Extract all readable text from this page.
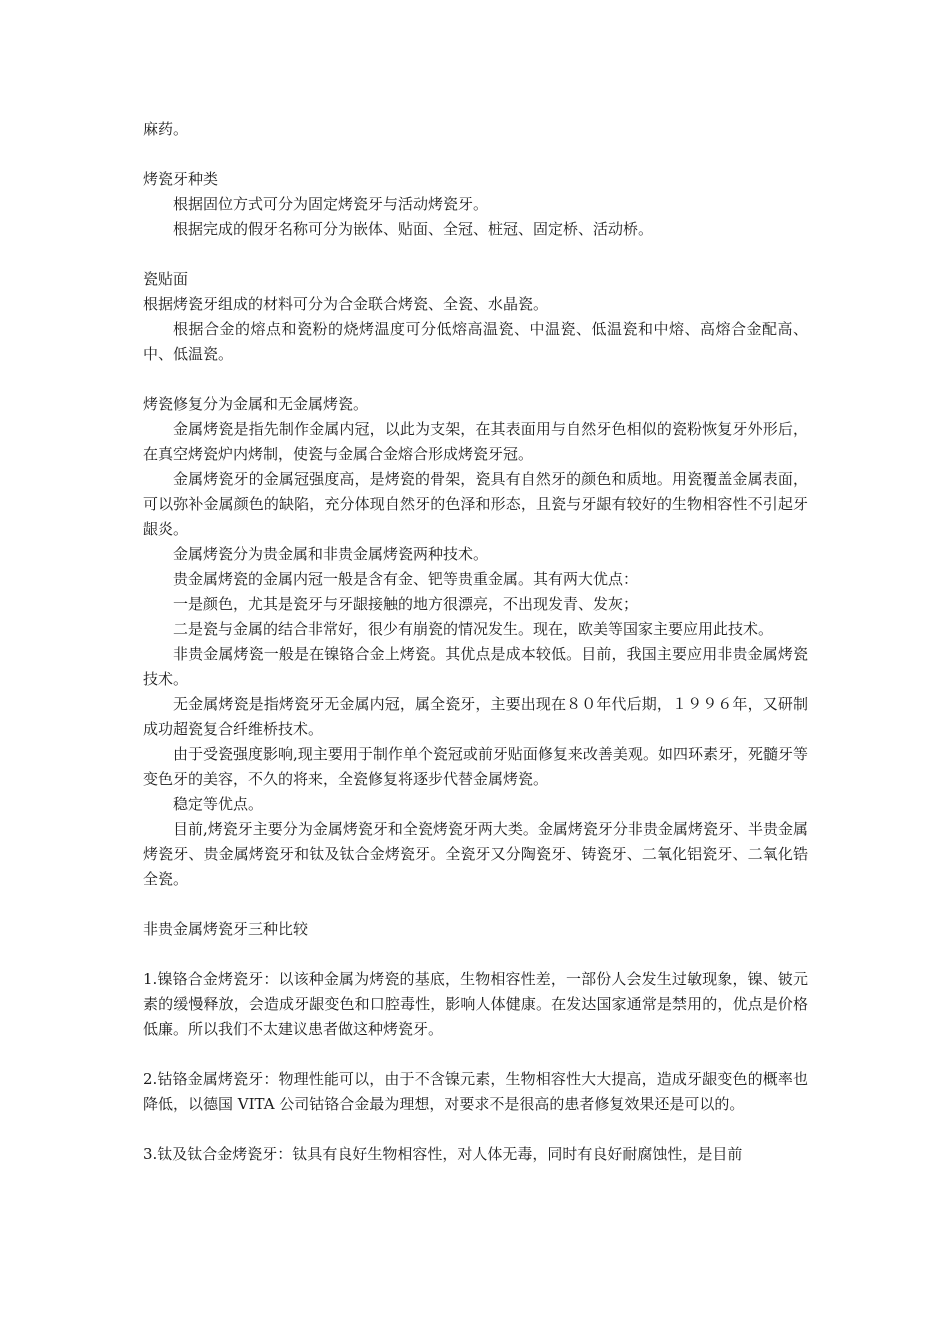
麻药。

烤瓷牙种类

根据固位方式可分为固定烤瓷牙与活动烤瓷牙。

根据完成的假牙名称可分为嵌体、贴面、全冠、桩冠、固定桥、活动桥。

瓷贴面

根据烤瓷牙组成的材料可分为合金联合烤瓷、全瓷、水晶瓷。

根据合金的熔点和瓷粉的烧烤温度可分低熔高温瓷、中温瓷、低温瓷和中熔、高熔合金配高、中、低温瓷。

烤瓷修复分为金属和无金属烤瓷。

金属烤瓷是指先制作金属内冠，以此为支架，在其表面用与自然牙色相似的瓷粉恢复牙外形后，在真空烤瓷炉内烤制，使瓷与金属合金熔合形成烤瓷牙冠。

金属烤瓷牙的金属冠强度高，是烤瓷的骨架，瓷具有自然牙的颜色和质地。用瓷覆盖金属表面，可以弥补金属颜色的缺陷，充分体现自然牙的色泽和形态，且瓷与牙龈有较好的生物相容性不引起牙龈炎。

金属烤瓷分为贵金属和非贵金属烤瓷两种技术。

贵金属烤瓷的金属内冠一般是含有金、钯等贵重金属。其有两大优点：

一是颜色，尤其是瓷牙与牙龈接触的地方很漂亮，不出现发青、发灰；

二是瓷与金属的结合非常好，很少有崩瓷的情况发生。现在，欧美等国家主要应用此技术。

非贵金属烤瓷一般是在镍铬合金上烤瓷。其优点是成本较低。目前，我国主要应用非贵金属烤瓷技术。

无金属烤瓷是指烤瓷牙无金属内冠，属全瓷牙，主要出现在８０年代后期，１９９６年，又研制成功超瓷复合纤维桥技术。

由于受瓷强度影响,现主要用于制作单个瓷冠或前牙贴面修复来改善美观。如四环素牙，死髓牙等变色牙的美容，不久的将来，全瓷修复将逐步代替金属烤瓷。

稳定等优点。

目前,烤瓷牙主要分为金属烤瓷牙和全瓷烤瓷牙两大类。金属烤瓷牙分非贵金属烤瓷牙、半贵金属烤瓷牙、贵金属烤瓷牙和钛及钛合金烤瓷牙。全瓷牙又分陶瓷牙、铸瓷牙、二氧化铝瓷牙、二氧化锆全瓷。

非贵金属烤瓷牙三种比较

1.镍铬合金烤瓷牙：以该种金属为烤瓷的基底，生物相容性差，一部份人会发生过敏现象，镍、铍元素的缓慢释放，会造成牙龈变色和口腔毒性，影响人体健康。在发达国家通常是禁用的，优点是价格低廉。所以我们不太建议患者做这种烤瓷牙。

2.钴铬金属烤瓷牙：物理性能可以，由于不含镍元素，生物相容性大大提高，造成牙龈变色的概率也降低，以德国 VITA 公司钴铬合金最为理想，对要求不是很高的患者修复效果还是可以的。

3.钛及钛合金烤瓷牙：钛具有良好生物相容性，对人体无毒，同时有良好耐腐蚀性，是目前
